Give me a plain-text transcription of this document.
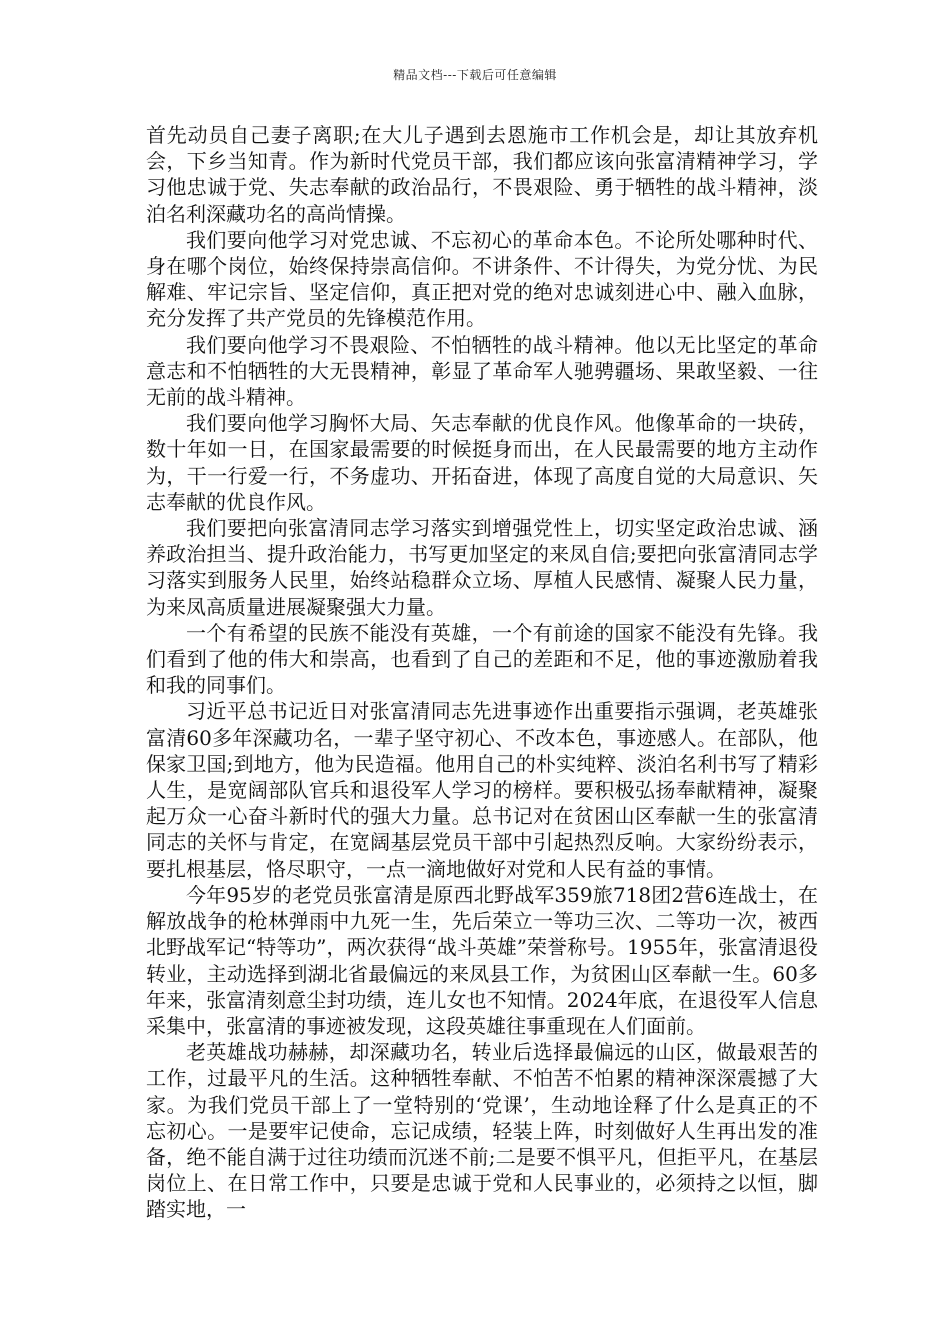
精品文档---下载后可任意编辑

首先动员自己妻子离职;在大儿子遇到去恩施市工作机会是，却让其放弃机会，下乡当知青。作为新时代党员干部，我们都应该向张富清精神学习，学习他忠诚于党、失志奉献的政治品行，不畏艰险、勇于牺牲的战斗精神，淡泊名利深藏功名的高尚情操。

我们要向他学习对党忠诚、不忘初心的革命本色。不论所处哪种时代、身在哪个岗位，始终保持崇高信仰。不讲条件、不计得失，为党分忧、为民解难、牢记宗旨、坚定信仰，真正把对党的绝对忠诚刻进心中、融入血脉，充分发挥了共产党员的先锋模范作用。

我们要向他学习不畏艰险、不怕牺牲的战斗精神。他以无比坚定的革命意志和不怕牺牲的大无畏精神，彰显了革命军人驰骋疆场、果敢坚毅、一往无前的战斗精神。

我们要向他学习胸怀大局、矢志奉献的优良作风。他像革命的一块砖，数十年如一日，在国家最需要的时候挺身而出，在人民最需要的地方主动作为，干一行爱一行，不务虚功、开拓奋进，体现了高度自觉的大局意识、矢志奉献的优良作风。

我们要把向张富清同志学习落实到增强党性上，切实坚定政治忠诚、涵养政治担当、提升政治能力，书写更加坚定的来凤自信;要把向张富清同志学习落实到服务人民里，始终站稳群众立场、厚植人民感情、凝聚人民力量，为来凤高质量进展凝聚强大力量。

一个有希望的民族不能没有英雄，一个有前途的国家不能没有先锋。我们看到了他的伟大和崇高，也看到了自己的差距和不足，他的事迹激励着我和我的同事们。

习近平总书记近日对张富清同志先进事迹作出重要指示强调，老英雄张富清60多年深藏功名，一辈子坚守初心、不改本色，事迹感人。在部队，他保家卫国;到地方，他为民造福。他用自己的朴实纯粹、淡泊名利书写了精彩人生，是宽阔部队官兵和退役军人学习的榜样。要积极弘扬奉献精神，凝聚起万众一心奋斗新时代的强大力量。总书记对在贫困山区奉献一生的张富清同志的关怀与肯定，在宽阔基层党员干部中引起热烈反响。大家纷纷表示，要扎根基层，恪尽职守，一点一滴地做好对党和人民有益的事情。

今年95岁的老党员张富清是原西北野战军359旅718团2营6连战士，在解放战争的枪林弹雨中九死一生，先后荣立一等功三次、二等功一次，被西北野战军记“特等功”，两次获得“战斗英雄”荣誉称号。1955年，张富清退役转业，主动选择到湖北省最偏远的来凤县工作，为贫困山区奉献一生。60多年来，张富清刻意尘封功绩，连儿女也不知情。2024年底，在退役军人信息采集中，张富清的事迹被发现，这段英雄往事重现在人们面前。

老英雄战功赫赫，却深藏功名，转业后选择最偏远的山区，做最艰苦的工作，过最平凡的生活。这种牺牲奉献、不怕苦不怕累的精神深深震撼了大家。为我们党员干部上了一堂特别的‘党课’，生动地诠释了什么是真正的不忘初心。一是要牢记使命，忘记成绩，轻装上阵，时刻做好人生再出发的准备，绝不能自满于过往功绩而沉迷不前;二是要不惧平凡，但拒平凡，在基层岗位上、在日常工作中，只要是忠诚于党和人民事业的，必须持之以恒，脚踏实地，一
